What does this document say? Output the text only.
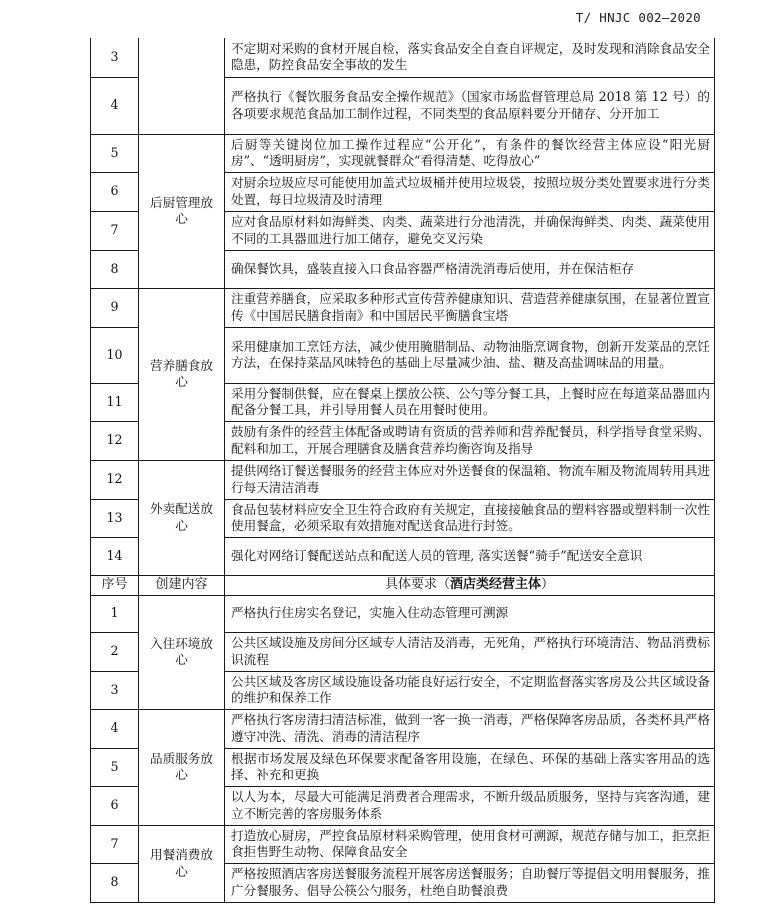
T/ HNJC 002—2020
3		不定期对采购的食材开展自检，落实食品安全自查自评规定，及时发现和消除食品安全隐患，防控食品安全事故的发生
4		严格执行《餐饮服务食品安全操作规范》（国家市场监督管理总局 2018 第 12 号）的各项要求规范食品加工制作过程，不同类型的食品原料要分开储存、分开加工
5	后厨管理放心	后厨等关键岗位加工操作过程应“公开化”，有条件的餐饮经营主体应设“阳光厨房”、“透明厨房”，实现就餐群众“看得清楚、吃得放心”
6		对厨余垃圾应尽可能使用加盖式垃圾桶并使用垃圾袋，按照垃圾分类处置要求进行分类处置，每日垃圾清及时清理
7		应对食品原材料如海鲜类、肉类、蔬菜进行分池清洗，并确保海鲜类、肉类、蔬菜使用不同的工具器皿进行加工储存，避免交叉污染
8		确保餐饮具，盛装直接入口食品容器严格清洗消毒后使用，并在保洁柜存
9	营养膳食放心	注重营养膳食，应采取多种形式宣传营养健康知识、营造营养健康氛围，在显著位置宣传《中国居民膳食指南》和中国居民平衡膳食宝塔
10		采用健康加工烹饪方法，减少使用腌腊制品、动物油脂烹调食物，创新开发菜品的烹饪方法，在保持菜品风味特色的基础上尽量减少油、盐、糖及高盐调味品的用量。
11		采用分餐制供餐，应在餐桌上摆放公筷、公勺等分餐工具，上餐时应在每道菜品器皿内配备分餐工具，并引导用餐人员在用餐时使用。
12		鼓励有条件的经营主体配备或聘请有资质的营养师和营养配餐员，科学指导食堂采购、配料和加工，开展合理膳食及膳食营养均衡咨询及指导
12	外卖配送放心	提供网络订餐送餐服务的经营主体应对外送餐食的保温箱、物流车厢及物流周转用具进行每天清洁消毒
13		食品包装材料应安全卫生符合政府有关规定，直接接触食品的塑料容器或塑料制一次性使用餐盒，必须采取有效措施对配送食品进行封签。
14		强化对网络订餐配送站点和配送人员的管理, 落实送餐“骑手”配送安全意识
序号	创建内容	具体要求（酒店类经营主体）
1	入住环境放心	严格执行住房实名登记，实施入住动态管理可溯源
2		公共区域设施及房间分区域专人清洁及消毒，无死角，严格执行环境清洁、物品消费标识流程
3		公共区域及客房区域设施设备功能良好运行安全，不定期监督落实客房及公共区域设备的维护和保养工作
4	品质服务放心	严格执行客房清扫清洁标准，做到一客一换一消毒，严格保障客房品质，各类杯具严格遵守冲洗、清洗、消毒的清洁程序
5		根据市场发展及绿色环保要求配备客用设施，在绿色、环保的基础上落实客用品的选择、补充和更换
6		以人为本，尽最大可能满足消费者合理需求，不断升级品质服务，坚持与宾客沟通，建立不断完善的客房服务体系
7	用餐消费放心	打造放心厨房，严控食品原材料采购管理，使用食材可溯源，规范存储与加工，拒烹拒食拒售野生动物、保障食品安全
8		严格按照酒店客房送餐服务流程开展客房送餐服务；自助餐厅等提倡文明用餐服务，推广分餐服务、倡导公筷公勺服务，杜绝自助餐浪费
